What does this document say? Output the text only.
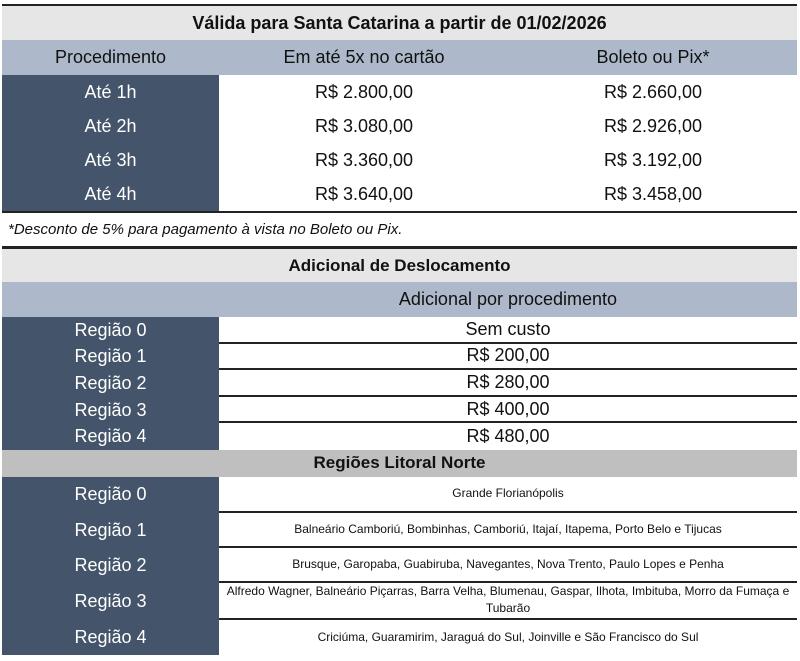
Válida para Santa Catarina a partir de 01/02/2026
Procedimento	Em até 5x no cartão	Boleto ou Pix*
Até 1h	R$ 2.800,00	R$ 2.660,00
Até 2h	R$ 3.080,00	R$ 2.926,00
Até 3h	R$ 3.360,00	R$ 3.192,00
Até 4h	R$ 3.640,00	R$ 3.458,00
*Desconto de 5% para pagamento à vista no Boleto ou Pix.
Adicional de Deslocamento
Adicional por procedimento
Região 0	Sem custo
Região 1	R$ 200,00
Região 2	R$ 280,00
Região 3	R$ 400,00
Região 4	R$ 480,00
Regiões Litoral Norte
Região 0	Grande Florianópolis
Região 1	Balneário Camboriú, Bombinhas, Camboriú, Itajaí, Itapema, Porto Belo e Tijucas
Região 2	Brusque, Garopaba, Guabiruba, Navegantes, Nova Trento, Paulo Lopes e Penha
Região 3	Alfredo Wagner, Balneário Piçarras, Barra Velha, Blumenau, Gaspar, Ilhota, Imbituba, Morro da Fumaça e Tubarão
Região 4	Criciúma, Guaramirim, Jaraguá do Sul, Joinville e São Francisco do Sul
